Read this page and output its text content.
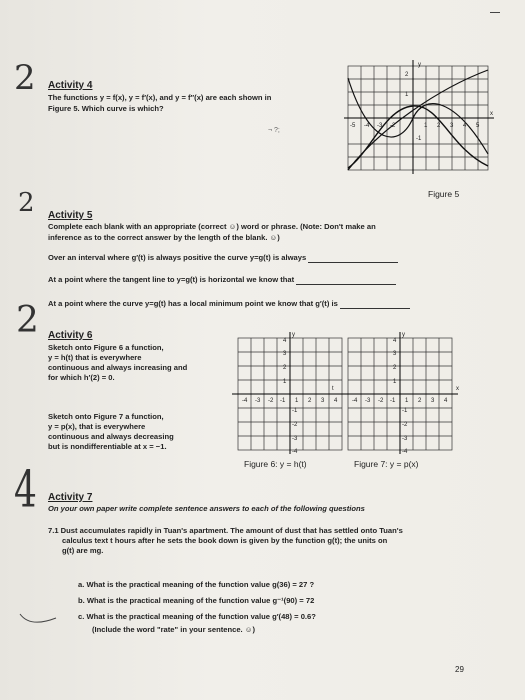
2
2
2
4
Activity 4
The functions y = f(x), y = f′(x), and y = f″(x) are each shown in
Figure 5. Which curve is which?
¬ ?;
y
x
2
1
-1
-5 -4 -3 -2	1 2 3 4 5
Figure 5
Activity 5
Complete each blank with an appropriate (correct ☺) word or phrase. (Note: Don't make an
inference as to the correct answer by the length of the blank. ☺)
Over an interval where g′(t) is always positive the curve y=g(t) is always
At a point where the tangent line to y=g(t) is horizontal we know that
At a point where the curve y=g(t) has a local minimum point we know that g′(t) is
Activity 6
Sketch onto Figure 6 a function,
y = h(t) that is everywhere
continuous and always increasing and
for which h′(2) = 0.
Sketch onto Figure 7 a function,
y = p(x), that is everywhere
continuous and always decreasing
but is nondifferentiable at x = −1.
y
t
-4 -3 -2 -1 1 2 3 4
4
3
2
1
-1
-2
-3
-4
Figure 6: y = h(t)
y
x
-4 -3 -2 -1 1 2 3 4
4
3
2
1
-1
-2
-3
-4
Figure 7: y = p(x)
Activity 7
On your own paper write complete sentence answers to each of the following questions
7.1 Dust accumulates rapidly in Tuan's apartment. The amount of dust that has settled onto Tuan's
calculus text t hours after he sets the book down is given by the function g(t); the units on
g(t) are mg.
a. What is the practical meaning of the function value g(36) = 27 ?
b. What is the practical meaning of the function value g⁻¹(90) = 72
c. What is the practical meaning of the function value g′(48) = 0.6?
(Include the word "rate" in your sentence. ☺)
29
